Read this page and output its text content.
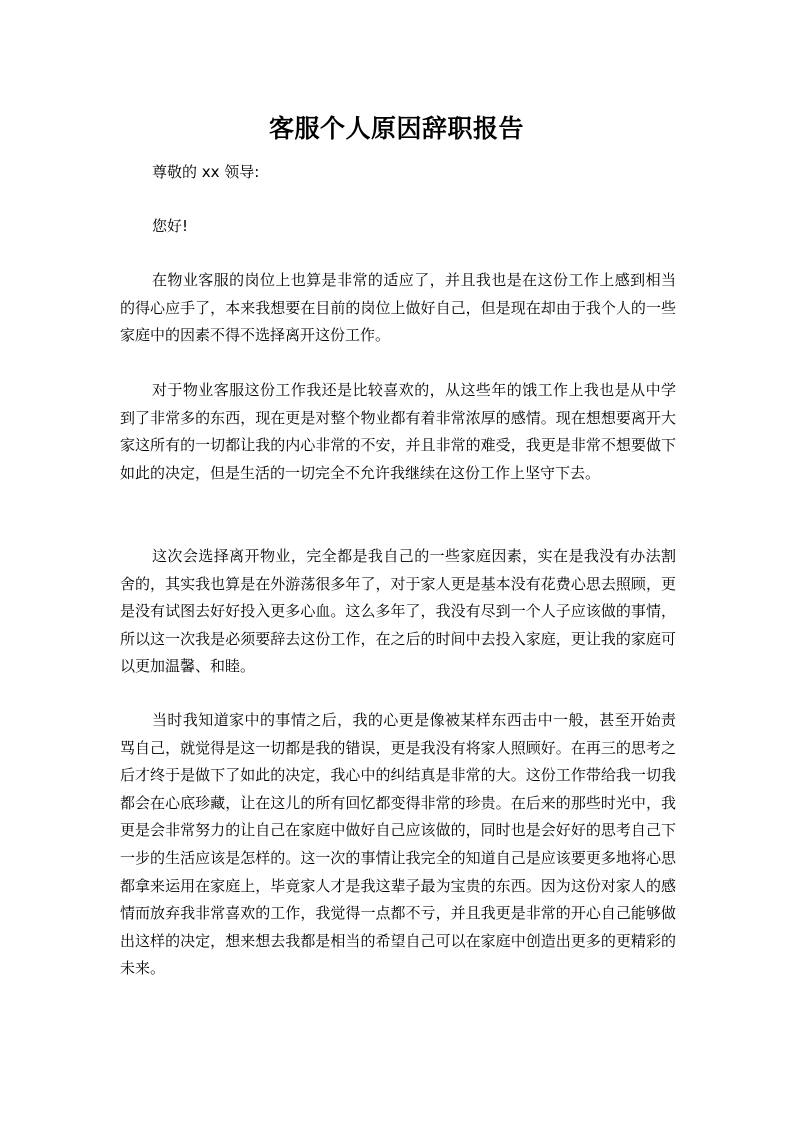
客服个人原因辞职报告

尊敬的 xx 领导:

您好!

在物业客服的岗位上也算是非常的适应了，并且我也是在这份工作上感到相当的得心应手了，本来我想要在目前的岗位上做好自己，但是现在却由于我个人的一些家庭中的因素不得不选择离开这份工作。

对于物业客服这份工作我还是比较喜欢的，从这些年的饿工作上我也是从中学到了非常多的东西，现在更是对整个物业都有着非常浓厚的感情。现在想想要离开大家这所有的一切都让我的内心非常的不安，并且非常的难受，我更是非常不想要做下如此的决定，但是生活的一切完全不允许我继续在这份工作上坚守下去。

这次会选择离开物业，完全都是我自己的一些家庭因素，实在是我没有办法割舍的，其实我也算是在外游荡很多年了，对于家人更是基本没有花费心思去照顾，更是没有试图去好好投入更多心血。这么多年了，我没有尽到一个人子应该做的事情，所以这一次我是必须要辞去这份工作，在之后的时间中去投入家庭，更让我的家庭可以更加温馨、和睦。

当时我知道家中的事情之后，我的心更是像被某样东西击中一般，甚至开始责骂自己，就觉得是这一切都是我的错误，更是我没有将家人照顾好。在再三的思考之后才终于是做下了如此的决定，我心中的纠结真是非常的大。这份工作带给我一切我都会在心底珍藏，让在这儿的所有回忆都变得非常的珍贵。在后来的那些时光中，我更是会非常努力的让自己在家庭中做好自己应该做的，同时也是会好好的思考自己下一步的生活应该是怎样的。这一次的事情让我完全的知道自己是应该要更多地将心思都拿来运用在家庭上，毕竟家人才是我这辈子最为宝贵的东西。因为这份对家人的感情而放弃我非常喜欢的工作，我觉得一点都不亏，并且我更是非常的开心自己能够做出这样的决定，想来想去我都是相当的希望自己可以在家庭中创造出更多的更精彩的未来。
